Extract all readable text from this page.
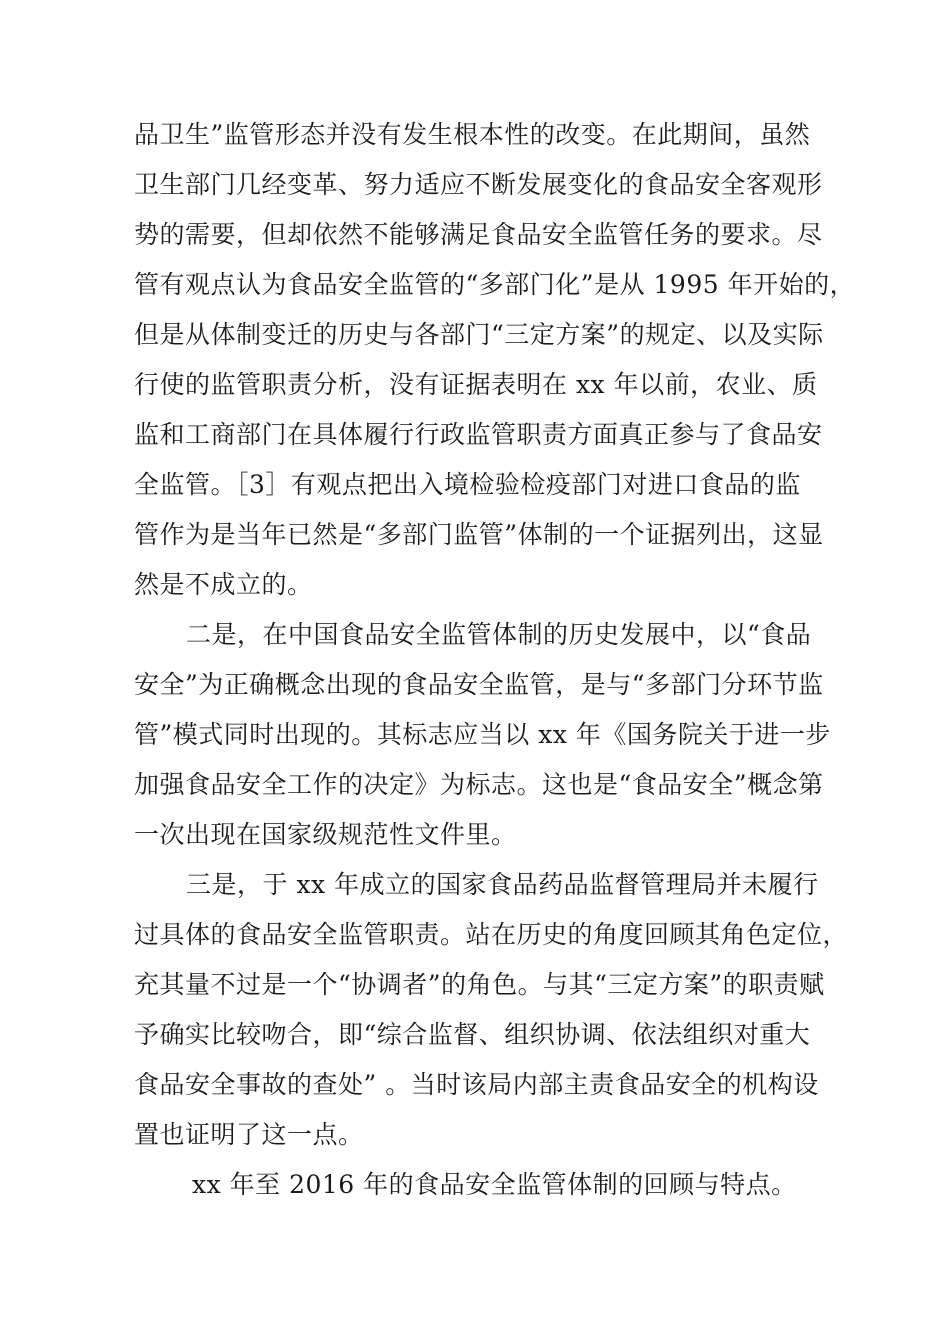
品卫生”监管形态并没有发生根本性的改变。在此期间，虽然
卫生部门几经变革、努力适应不断发展变化的食品安全客观形
势的需要，但却依然不能够满足食品安全监管任务的要求。尽
管有观点认为食品安全监管的“多部门化”是从 1995 年开始的，
但是从体制变迁的历史与各部门“三定方案”的规定、以及实际
行使的监管职责分析，没有证据表明在 xx 年以前，农业、质
监和工商部门在具体履行行政监管职责方面真正参与了食品安
全监管。［3］有观点把出入境检验检疫部门对进口食品的监
管作为是当年已然是“多部门监管”体制的一个证据列出，这显
然是不成立的。
二是，在中国食品安全监管体制的历史发展中，以“食品
安全”为正确概念出现的食品安全监管，是与“多部门分环节监
管”模式同时出现的。其标志应当以 xx 年《国务院关于进一步
加强食品安全工作的决定》为标志。这也是“食品安全”概念第
一次出现在国家级规范性文件里。
三是，于 xx 年成立的国家食品药品监督管理局并未履行
过具体的食品安全监管职责。站在历史的角度回顾其角色定位，
充其量不过是一个“协调者”的角色。与其“三定方案”的职责赋
予确实比较吻合，即“综合监督、组织协调、依法组织对重大
食品安全事故的查处” 。当时该局内部主责食品安全的机构设
置也证明了这一点。
xx 年至 2016 年的食品安全监管体制的回顾与特点。
